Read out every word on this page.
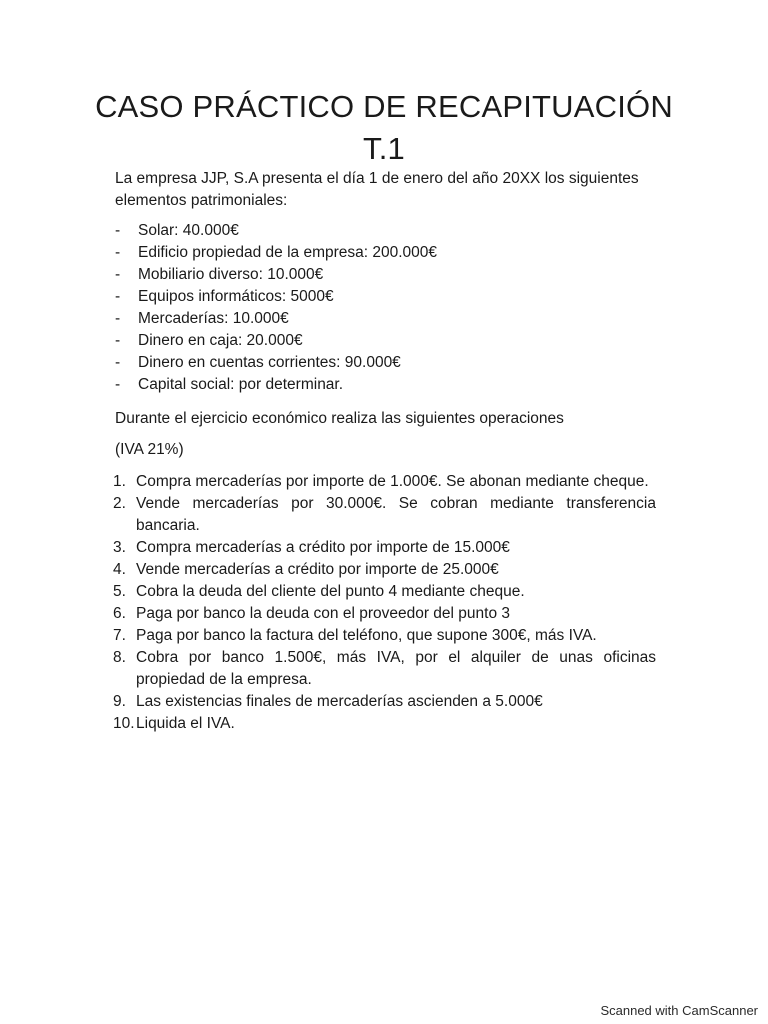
CASO PRÁCTICO DE RECAPITUACIÓN
T.1
La empresa JJP, S.A presenta el día 1 de enero del año 20XX los siguientes elementos patrimoniales:
- Solar: 40.000€
- Edificio propiedad de la empresa: 200.000€
- Mobiliario diverso: 10.000€
- Equipos informáticos: 5000€
- Mercaderías: 10.000€
- Dinero en caja: 20.000€
- Dinero en cuentas corrientes: 90.000€
- Capital social: por determinar.
Durante el ejercicio económico realiza las siguientes operaciones
(IVA 21%)
1. Compra mercaderías por importe de 1.000€. Se abonan mediante cheque.
2. Vende mercaderías por 30.000€. Se cobran mediante transferencia bancaria.
3. Compra mercaderías a crédito por importe de 15.000€
4. Vende mercaderías a crédito por importe de 25.000€
5. Cobra la deuda del cliente del punto 4 mediante cheque.
6. Paga por banco la deuda con el proveedor del punto 3
7. Paga por banco la factura del teléfono, que supone 300€, más IVA.
8. Cobra por banco 1.500€, más IVA, por el alquiler de unas oficinas propiedad de la empresa.
9. Las existencias finales de mercaderías ascienden a 5.000€
10. Liquida el IVA.
Scanned with CamScanner
